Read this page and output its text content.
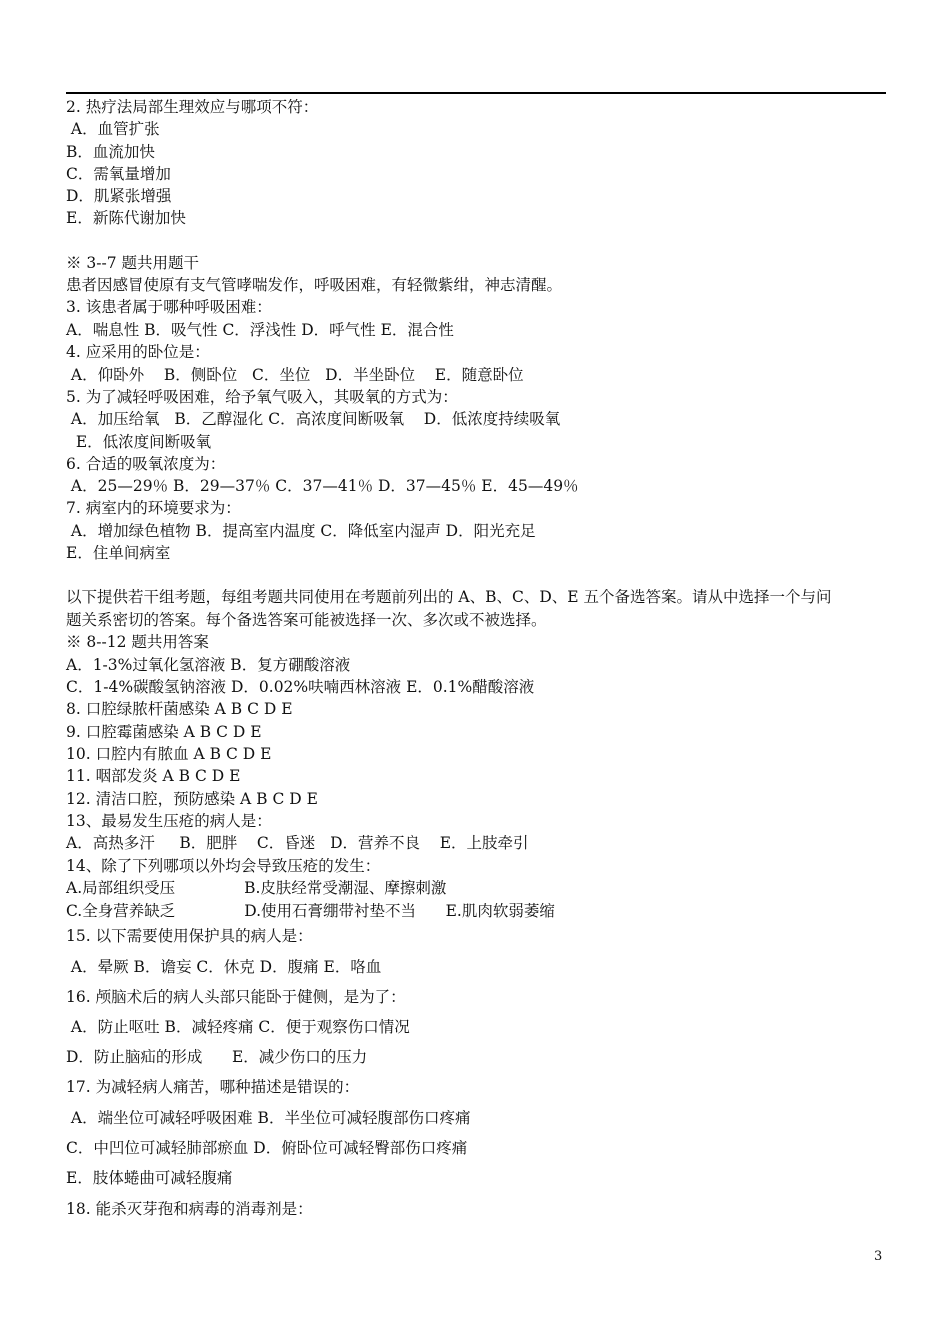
2. 热疗法局部生理效应与哪项不符：
A．血管扩张
B．血流加快
C．需氧量增加
D．肌紧张增强
E．新陈代谢加快
※ 3--7 题共用题干
患者因感冒使原有支气管哮喘发作，呼吸困难，有轻微紫绀，神志清醒。
3. 该患者属于哪种呼吸困难：
A．喘息性 B．吸气性 C．浮浅性 D．呼气性 E．混合性
4. 应采用的卧位是：
A．仰卧外    B．侧卧位   C．坐位   D．半坐卧位    E．随意卧位
5. 为了减轻呼吸困难，给予氧气吸入，其吸氧的方式为：
A．加压给氧   B．乙醇湿化 C．高浓度间断吸氧    D．低浓度持续吸氧
E．低浓度间断吸氧
6. 合适的吸氧浓度为：
A．25—29％ B．29—37％ C．37—41％ D．37—45％ E．45—49％
7. 病室内的环境要求为：
A．增加绿色植物 B．提高室内温度 C．降低室内湿声 D．阳光充足
E．住单间病室
以下提供若干组考题，每组考题共同使用在考题前列出的 A、B、C、D、E 五个备选答案。请从中选择一个与问
题关系密切的答案。每个备选答案可能被选择一次、多次或不被选择。
※ 8--12 题共用答案
A．1-3%过氧化氢溶液 B．复方硼酸溶液
C．1-4%碳酸氢钠溶液 D．0.02%呋喃西林溶液 E．0.1%醋酸溶液
8. 口腔绿脓杆菌感染 A B C D E
9. 口腔霉菌感染 A B C D E
10. 口腔内有脓血 A B C D E
11. 咽部发炎 A B C D E
12. 清洁口腔，预防感染 A B C D E
13、最易发生压疮的病人是：
A．高热多汗     B．肥胖    C．昏迷   D．营养不良    E．上肢牵引
14、除了下列哪项以外均会导致压疮的发生：
A.局部组织受压              B.皮肤经常受潮湿、摩擦刺激
C.全身营养缺乏              D.使用石膏绷带衬垫不当      E.肌肉软弱萎缩
15. 以下需要使用保护具的病人是：
A．晕厥 B．谵妄 C．休克 D．腹痛 E．咯血
16. 颅脑术后的病人头部只能卧于健侧，是为了：
A．防止呕吐 B．减轻疼痛 C．便于观察伤口情况
D．防止脑疝的形成      E．减少伤口的压力
17. 为减轻病人痛苦，哪种描述是错误的：
A．端坐位可减轻呼吸困难 B．半坐位可减轻腹部伤口疼痛
C．中凹位可减轻肺部瘀血 D．俯卧位可减轻臀部伤口疼痛
E．肢体蜷曲可减轻腹痛
18. 能杀灭芽孢和病毒的消毒剂是：
3
